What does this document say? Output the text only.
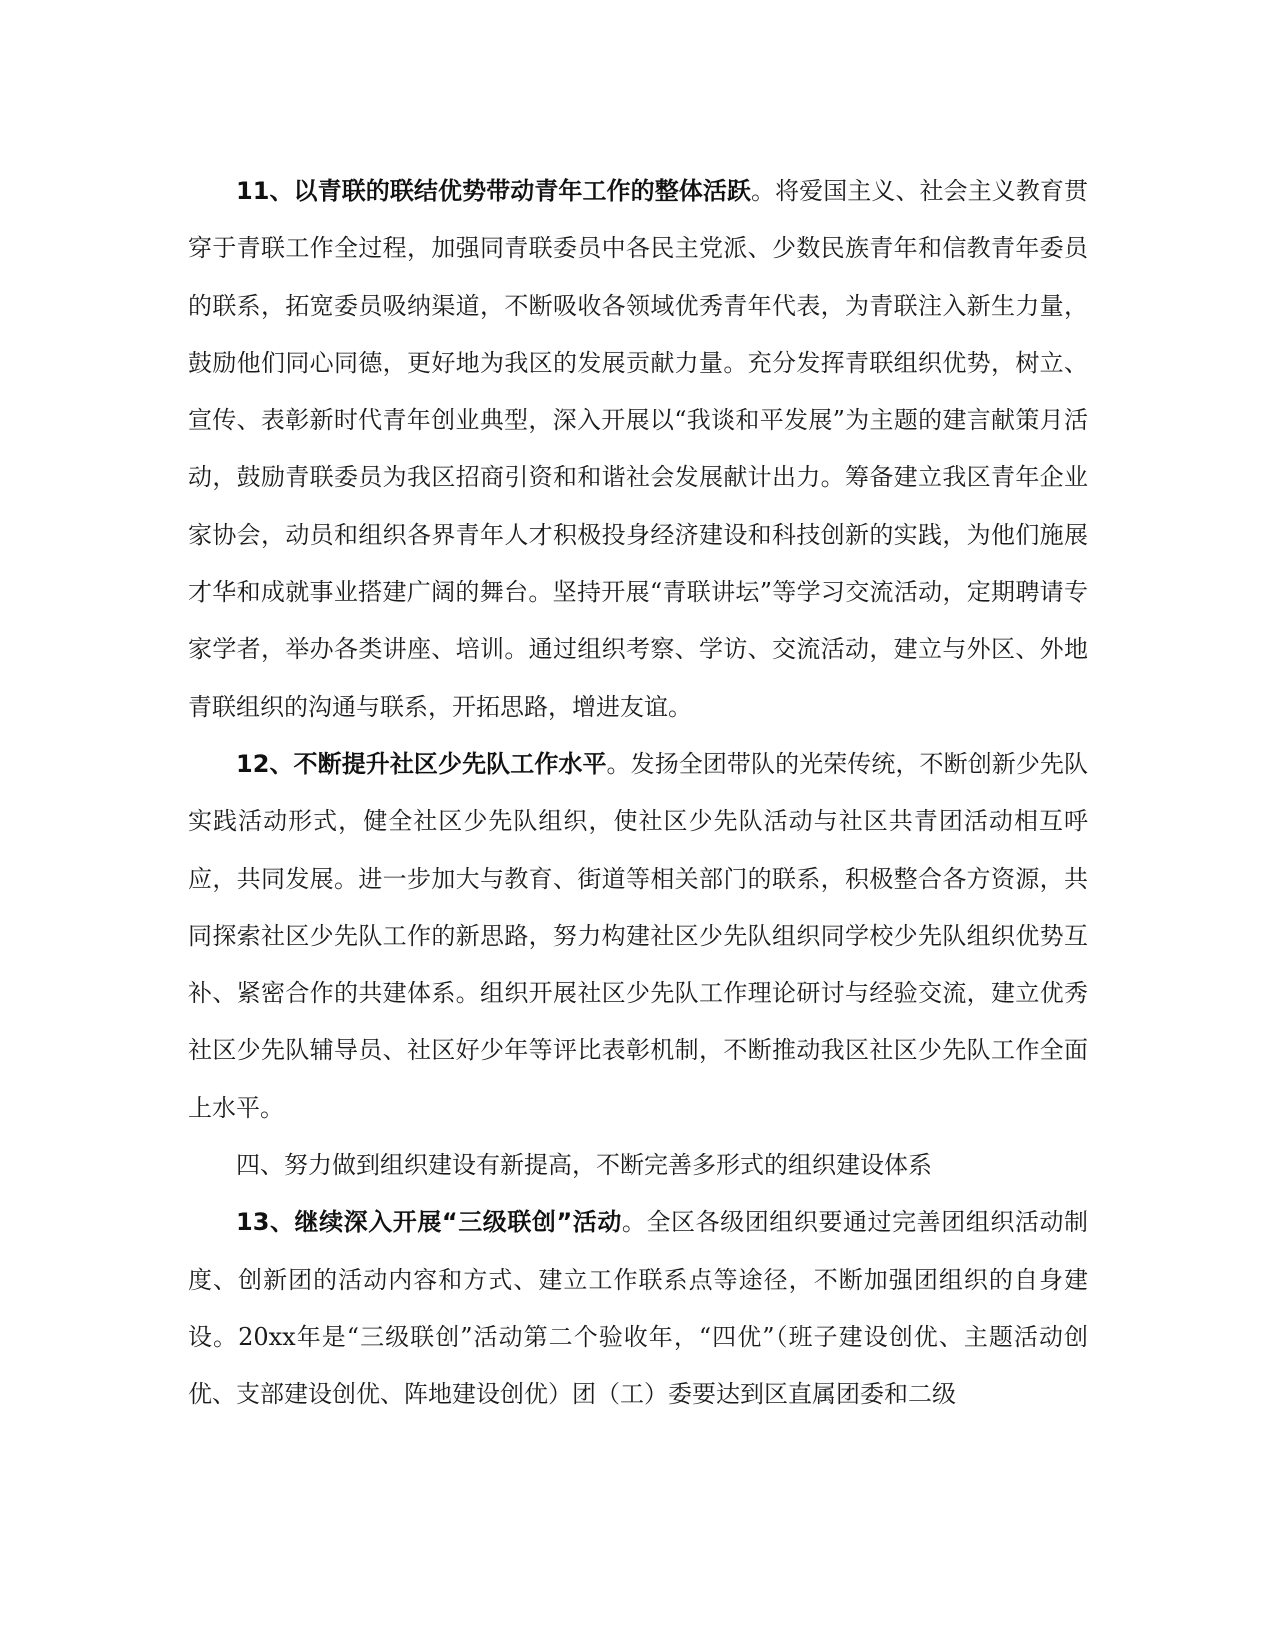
11、以青联的联结优势带动青年工作的整体活跃。将爱国主义、社会主义教育贯穿于青联工作全过程，加强同青联委员中各民主党派、少数民族青年和信教青年委员的联系，拓宽委员吸纳渠道，不断吸收各领域优秀青年代表，为青联注入新生力量，鼓励他们同心同德，更好地为我区的发展贡献力量。充分发挥青联组织优势，树立、宣传、表彰新时代青年创业典型，深入开展以“我谈和平发展”为主题的建言献策月活动，鼓励青联委员为我区招商引资和和谐社会发展献计出力。筹备建立我区青年企业家协会，动员和组织各界青年人才积极投身经济建设和科技创新的实践，为他们施展才华和成就事业搭建广阔的舞台。坚持开展“青联讲坛”等学习交流活动，定期聘请专家学者，举办各类讲座、培训。通过组织考察、学访、交流活动，建立与外区、外地青联组织的沟通与联系，开拓思路，增进友谊。

12、不断提升社区少先队工作水平。发扬全团带队的光荣传统，不断创新少先队实践活动形式，健全社区少先队组织，使社区少先队活动与社区共青团活动相互呼应，共同发展。进一步加大与教育、街道等相关部门的联系，积极整合各方资源，共同探索社区少先队工作的新思路，努力构建社区少先队组织同学校少先队组织优势互补、紧密合作的共建体系。组织开展社区少先队工作理论研讨与经验交流，建立优秀社区少先队辅导员、社区好少年等评比表彰机制，不断推动我区社区少先队工作全面上水平。

四、努力做到组织建设有新提高，不断完善多形式的组织建设体系

13、继续深入开展“三级联创”活动。全区各级团组织要通过完善团组织活动制度、创新团的活动内容和方式、建立工作联系点等途径，不断加强团组织的自身建设。20xx年是“三级联创”活动第二个验收年，“四优”（班子建设创优、主题活动创优、支部建设创优、阵地建设创优）团（工）委要达到区直属团委和二级
